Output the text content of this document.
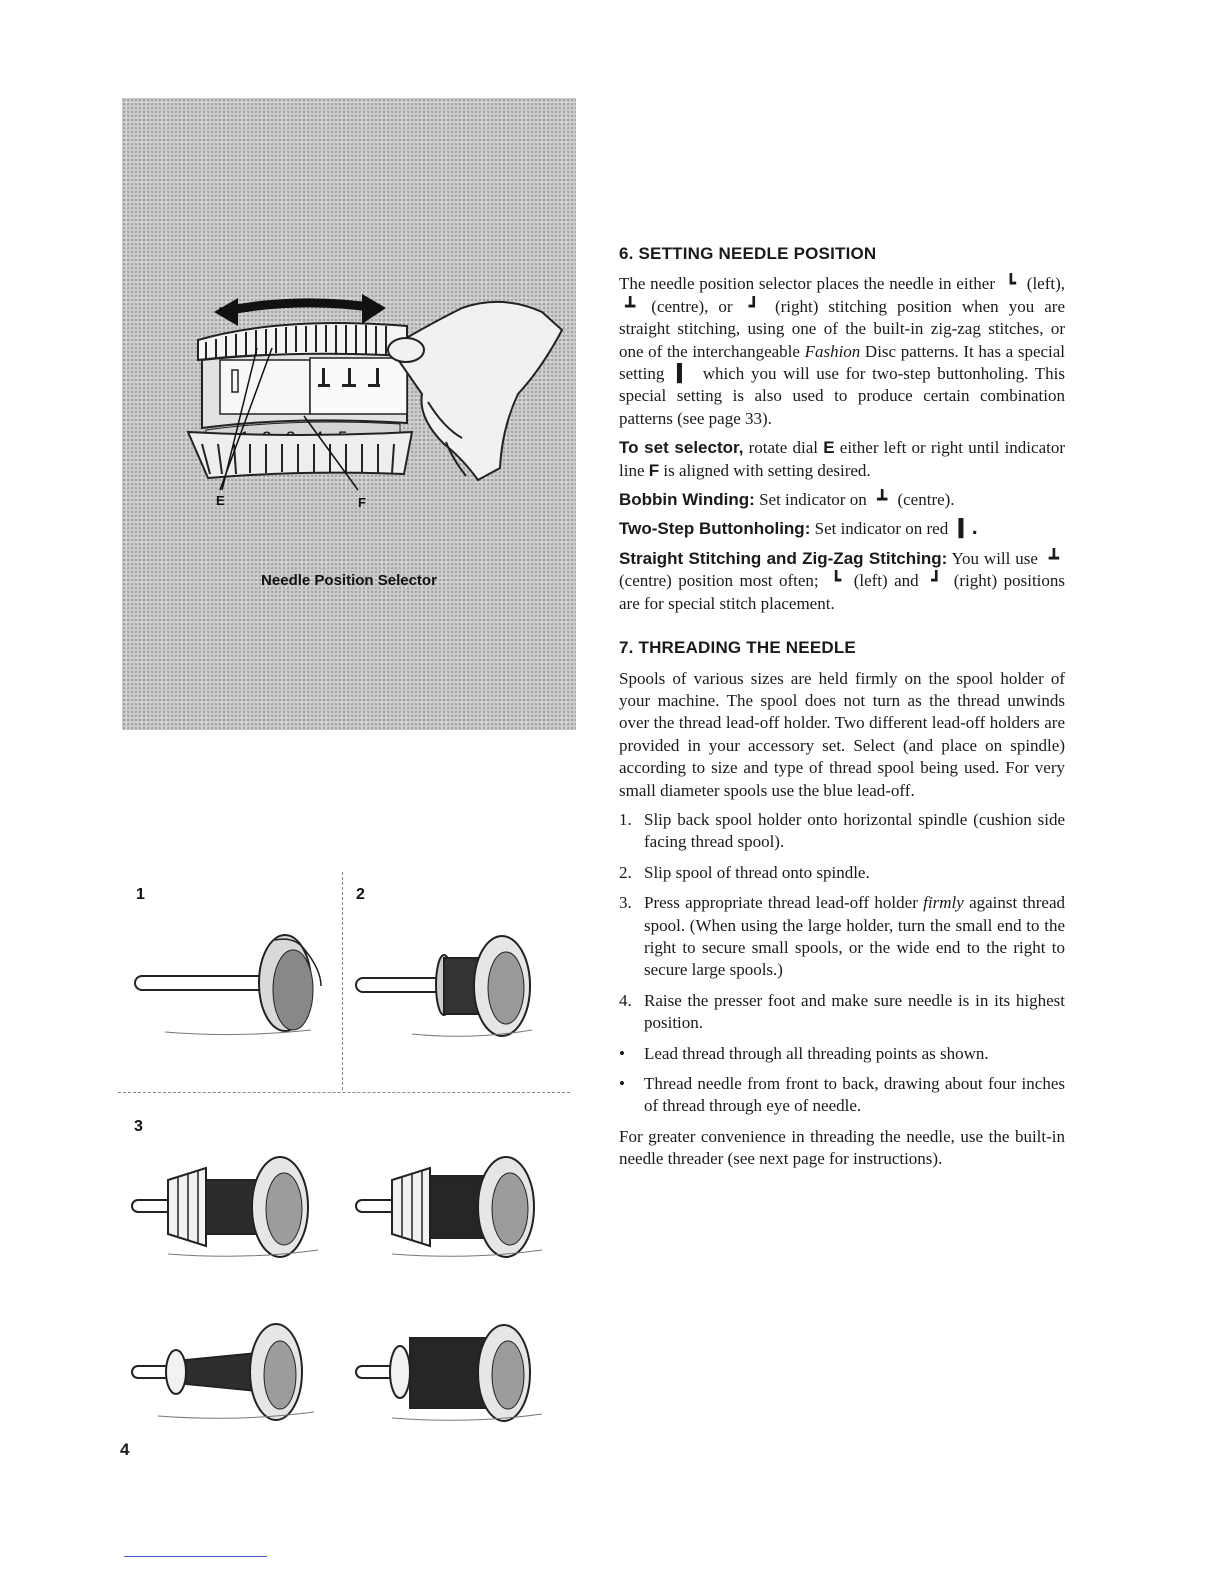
E	F
Needle Position Selector
1	2
3
6. SETTING NEEDLE POSITION

The needle position selector places the needle in either ┗ (left), ┻ (centre), or ┛ (right) stitching position when you are straight stitching, using one of the built-in zig-zag stitches, or one of the interchangeable Fashion Disc patterns. It has a special setting ▍ which you will use for two-step buttonholing. This special setting is also used to produce certain combination patterns (see page 33).

To set selector, rotate dial E either left or right until indicator line F is aligned with setting desired.

Bobbin Winding: Set indicator on ┻ (centre).

Two-Step Buttonholing: Set indicator on red ▍.

Straight Stitching and Zig-Zag Stitching: You will use ┻ (centre) position most often; ┗ (left) and ┛ (right) positions are for special stitch placement.

7. THREADING THE NEEDLE

Spools of various sizes are held firmly on the spool holder of your machine. The spool does not turn as the thread unwinds over the thread lead-off holder. Two different lead-off holders are provided in your accessory set. Select (and place on spindle) according to size and type of thread spool being used. For very small diameter spools use the blue lead-off.

1. Slip back spool holder onto horizontal spindle (cushion side facing thread spool).
2. Slip spool of thread onto spindle.
3. Press appropriate thread lead-off holder firmly against thread spool. (When using the large holder, turn the small end to the right to secure small spools, or the wide end to the right to secure large spools.)
4. Raise the presser foot and make sure needle is in its highest position.
• Lead thread through all threading points as shown.
• Thread needle from front to back, drawing about four inches of thread through eye of needle.

For greater convenience in threading the needle, use the built-in needle threader (see next page for instructions).

4
